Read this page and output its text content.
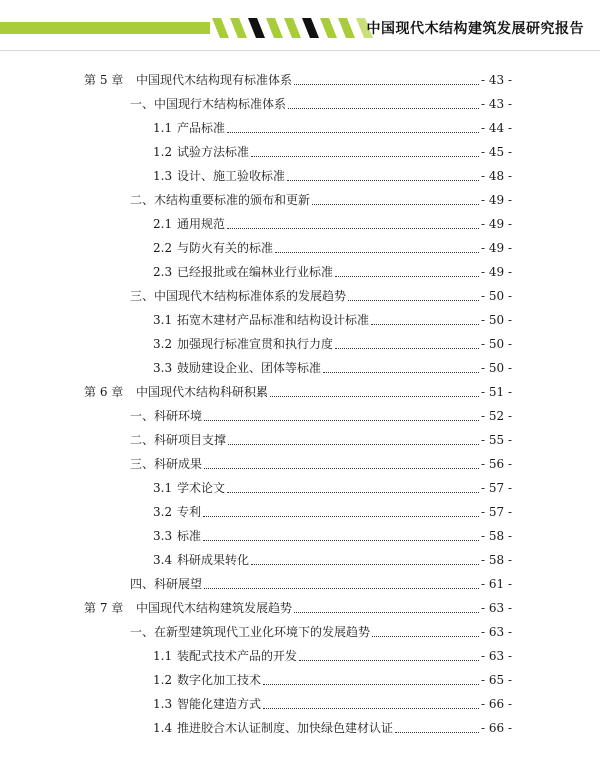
中国现代木结构建筑发展研究报告
第 5 章 中国现代木结构现有标准体系	- 43 -
一、中国现行木结构标准体系	- 43 -
1.1 产品标准	- 44 -
1.2 试验方法标准	- 45 -
1.3 设计、施工验收标准	- 48 -
二、木结构重要标准的颁布和更新	- 49 -
2.1 通用规范	- 49 -
2.2 与防火有关的标准	- 49 -
2.3 已经报批或在编林业行业标准	- 49 -
三、中国现代木结构标准体系的发展趋势	- 50 -
3.1 拓宽木建材产品标准和结构设计标准	- 50 -
3.2 加强现行标准宣贯和执行力度	- 50 -
3.3 鼓励建设企业、团体等标准	- 50 -
第 6 章 中国现代木结构科研积累	- 51 -
一、科研环境	- 52 -
二、科研项目支撑	- 55 -
三、科研成果	- 56 -
3.1 学术论文	- 57 -
3.2 专利	- 57 -
3.3 标准	- 58 -
3.4 科研成果转化	- 58 -
四、科研展望	- 61 -
第 7 章 中国现代木结构建筑发展趋势	- 63 -
一、在新型建筑现代工业化环境下的发展趋势	- 63 -
1.1 装配式技术产品的开发	- 63 -
1.2 数字化加工技术	- 65 -
1.3 智能化建造方式	- 66 -
1.4 推进胶合木认证制度、加快绿色建材认证	- 66 -
